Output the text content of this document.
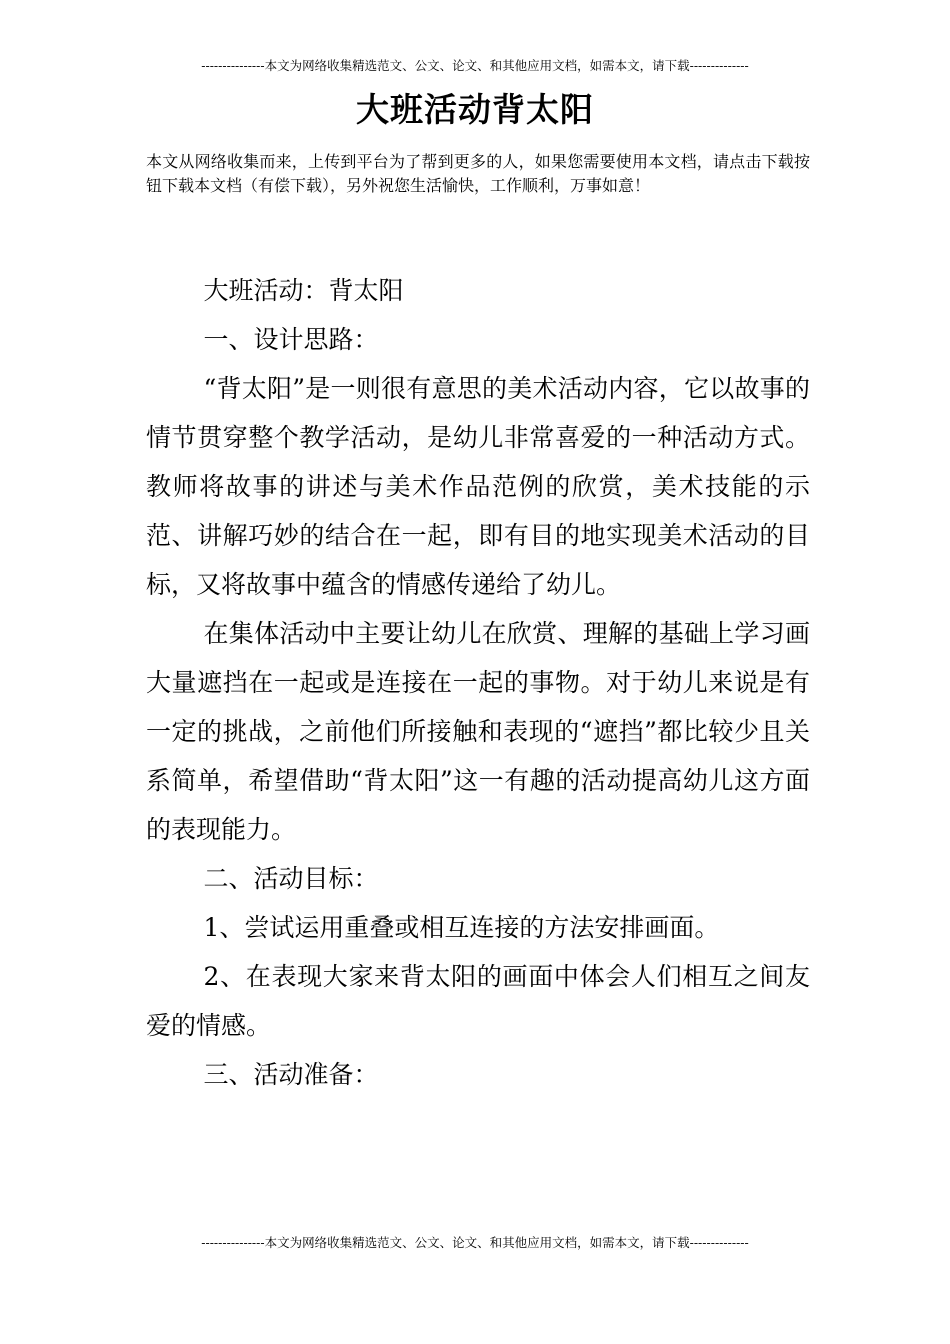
---------------本文为网络收集精选范文、公文、论文、和其他应用文档，如需本文，请下载--------------
大班活动背太阳
本文从网络收集而来，上传到平台为了帮到更多的人，如果您需要使用本文档，请点击下载按钮下载本文档（有偿下载），另外祝您生活愉快，工作顺利，万事如意！

大班活动：背太阳

一、设计思路：

“背太阳”是一则很有意思的美术活动内容，它以故事的情节贯穿整个教学活动，是幼儿非常喜爱的一种活动方式。教师将故事的讲述与美术作品范例的欣赏，美术技能的示范、讲解巧妙的结合在一起，即有目的地实现美术活动的目标，又将故事中蕴含的情感传递给了幼儿。

在集体活动中主要让幼儿在欣赏、理解的基础上学习画大量遮挡在一起或是连接在一起的事物。对于幼儿来说是有一定的挑战，之前他们所接触和表现的“遮挡”都比较少且关系简单，希望借助“背太阳”这一有趣的活动提高幼儿这方面的表现能力。

二、活动目标：

1、尝试运用重叠或相互连接的方法安排画面。

2、在表现大家来背太阳的画面中体会人们相互之间友爱的情感。

三、活动准备：

---------------本文为网络收集精选范文、公文、论文、和其他应用文档，如需本文，请下载--------------
